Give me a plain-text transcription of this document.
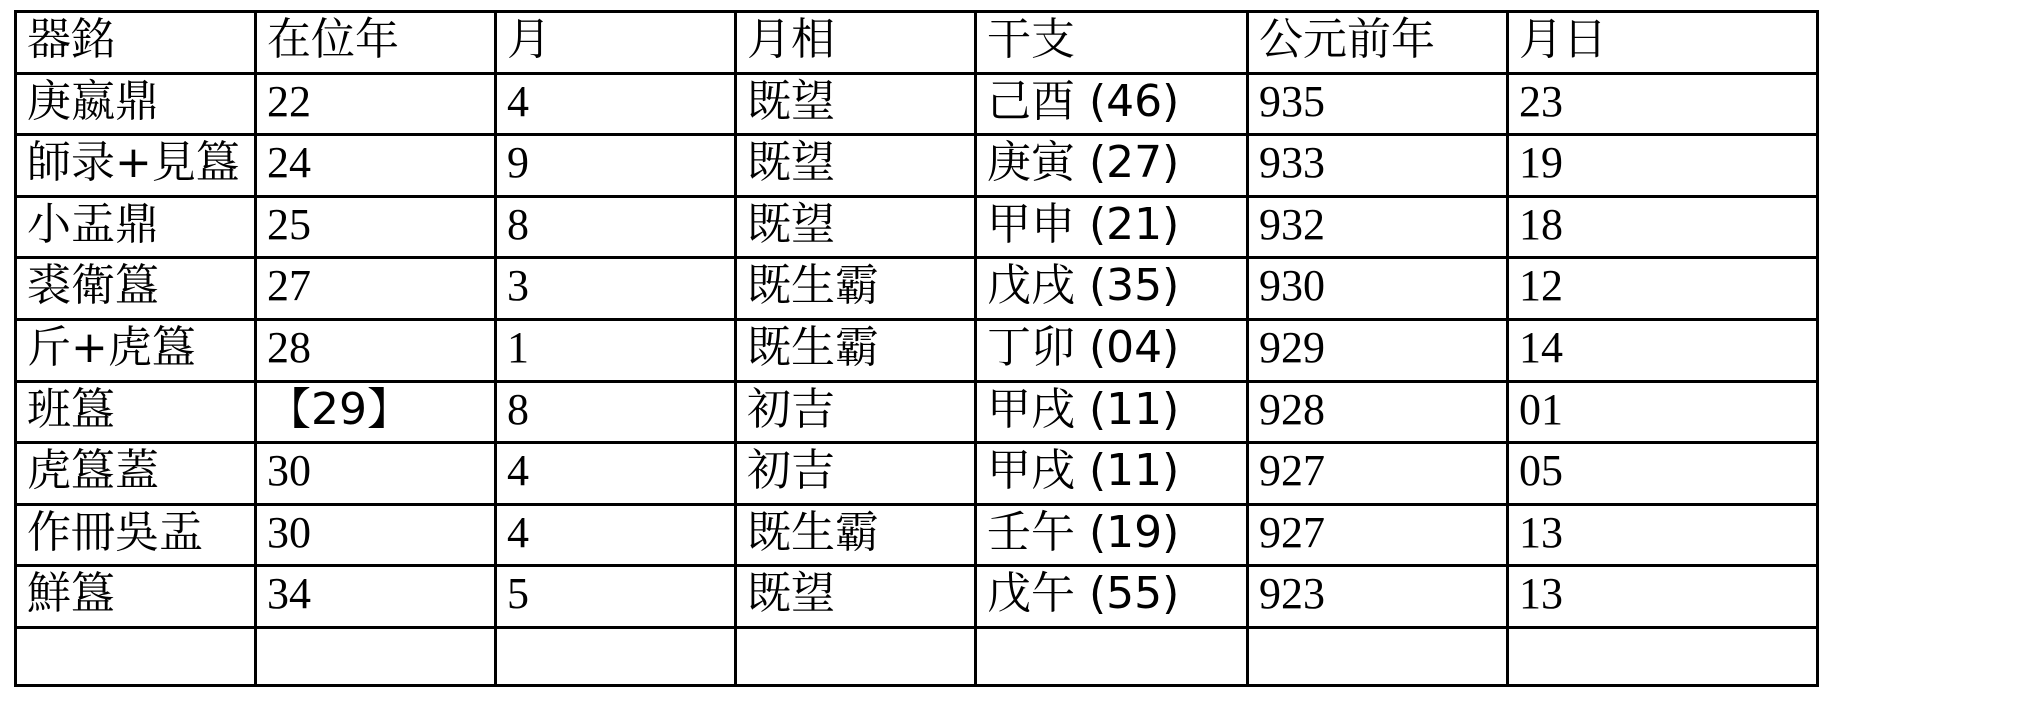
器銘	在位年	月	月相	干支	公元前年	月日
庚嬴鼎	22	4	既望	己酉 (46)	935	23
師录+見簋	24	9	既望	庚寅 (27)	933	19
小盂鼎	25	8	既望	甲申 (21)	932	18
裘衛簋	27	3	既生霸	戊戌 (35)	930	12
斤+虎簋	28	1	既生霸	丁卯 (04)	929	14
班簋	【29】	8	初吉	甲戌 (11)	928	01
虎簋蓋	30	4	初吉	甲戌 (11)	927	05
作冊吳盂	30	4	既生霸	壬午 (19)	927	13
鮮簋	34	5	既望	戊午 (55)	923	13
